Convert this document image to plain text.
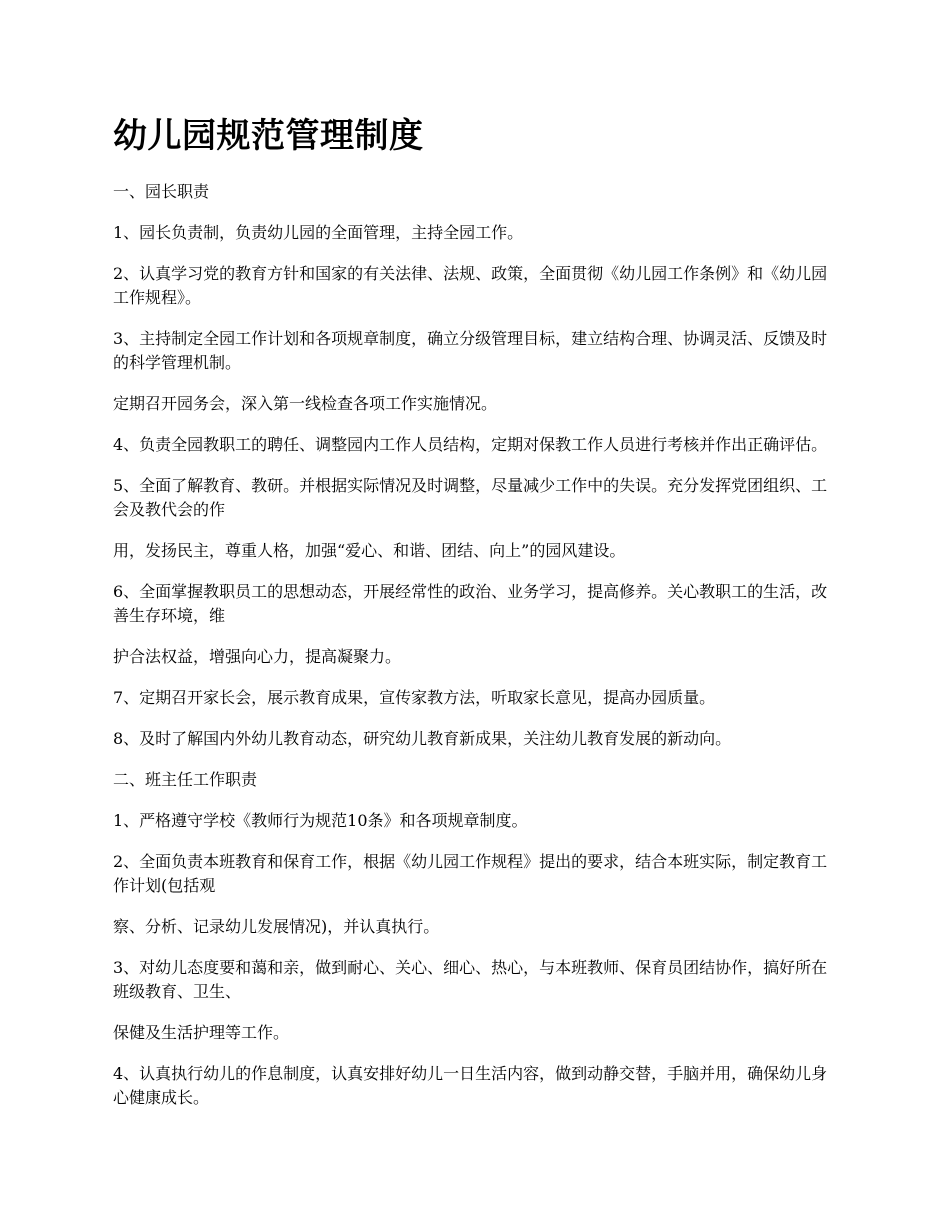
幼儿园规范管理制度

一、园长职责

1、园长负责制，负责幼儿园的全面管理，主持全园工作。

2、认真学习党的教育方针和国家的有关法律、法规、政策，全面贯彻《幼儿园工作条例》和《幼儿园工作规程》。

3、主持制定全园工作计划和各项规章制度，确立分级管理目标，建立结构合理、协调灵活、反馈及时的科学管理机制。

定期召开园务会，深入第一线检查各项工作实施情况。

4、负责全园教职工的聘任、调整园内工作人员结构，定期对保教工作人员进行考核并作出正确评估。

5、全面了解教育、教研。并根据实际情况及时调整，尽量减少工作中的失误。充分发挥党团组织、工会及教代会的作

用，发扬民主，尊重人格，加强“爱心、和谐、团结、向上”的园风建设。

6、全面掌握教职员工的思想动态，开展经常性的政治、业务学习，提高修养。关心教职工的生活，改善生存环境，维

护合法权益，增强向心力，提高凝聚力。

7、定期召开家长会，展示教育成果，宣传家教方法，听取家长意见，提高办园质量。

8、及时了解国内外幼儿教育动态，研究幼儿教育新成果，关注幼儿教育发展的新动向。

二、班主任工作职责

1、严格遵守学校《教师行为规范10条》和各项规章制度。

2、全面负责本班教育和保育工作，根据《幼儿园工作规程》提出的要求，结合本班实际，制定教育工作计划(包括观

察、分析、记录幼儿发展情况)，并认真执行。

3、对幼儿态度要和蔼和亲，做到耐心、关心、细心、热心，与本班教师、保育员团结协作，搞好所在班级教育、卫生、

保健及生活护理等工作。

4、认真执行幼儿的作息制度，认真安排好幼儿一日生活内容，做到动静交替，手脑并用，确保幼儿身心健康成长。
